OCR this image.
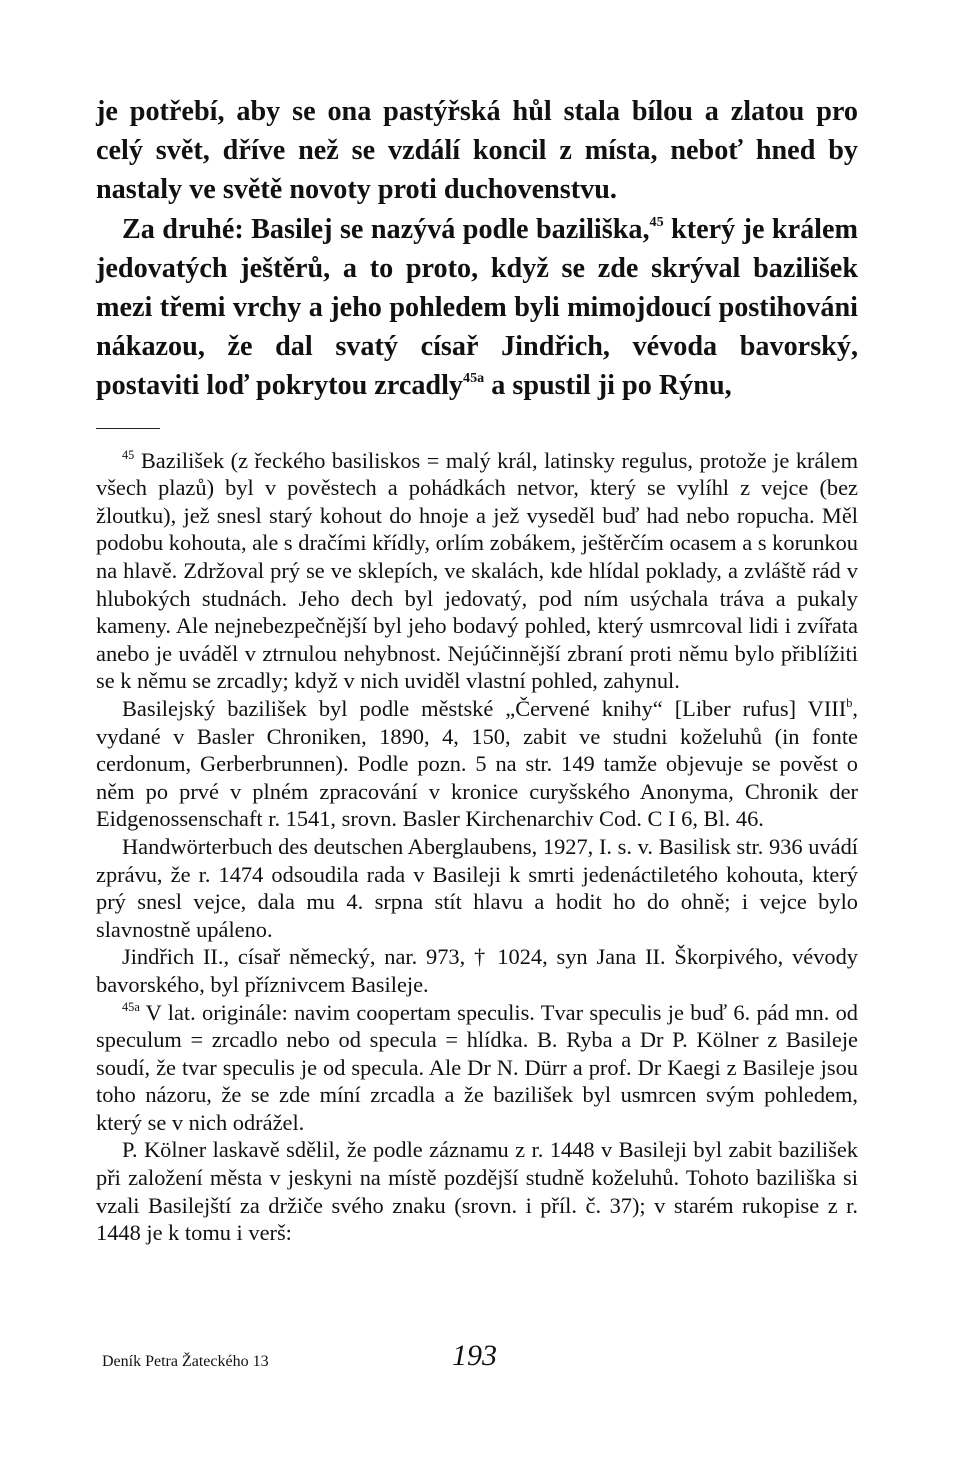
je potřebí, aby se ona pastýřská hůl stala bílou a zlatou pro celý svět, dříve než se vzdálí koncil z místa, neboť hned by nastaly ve světě novoty proti duchovenstvu.

Za druhé: Basilej se nazývá podle baziliška,$^{45}$ který je králem jedovatých ještěrů, a to proto, když se zde skrýval bazilišek mezi třemi vrchy a jeho pohledem byli mimojdoucí postihováni nákazou, že dal svatý císař Jindřich, vévoda bavorský, postaviti loď pokrytou zrcadly$^{45a}$ a spustil ji po Rýnu,

$^{45}$ Bazilišek (z řeckého basiliskos = malý král, latinsky regulus, protože je králem všech plazů) byl v pověstech a pohádkách netvor, který se vylíhl z vejce (bez žloutku), jež snesl starý kohout do hnoje a jež vyseděl buď had nebo ropucha. Měl podobu kohouta, ale s dračími křídly, orlím zobákem, ještěrčím ocasem a s korunkou na hlavě. Zdržoval prý se ve sklepích, ve skalách, kde hlídal poklady, a zvláště rád v hlubokých studnách. Jeho dech byl jedovatý, pod ním usýchala tráva a pukaly kameny. Ale nejnebezpečnější byl jeho bodavý pohled, který usmrcoval lidi i zvířata anebo je uváděl v ztrnulou nehybnost. Nejúčinnější zbraní proti němu bylo přiblížiti se k němu se zrcadly; když v nich uviděl vlastní pohled, zahynul.

Basilejský bazilišek byl podle městské „Červené knihy“ [Liber rufus] VIII$^b$, vydané v Basler Chroniken, 1890, 4, 150, zabit ve studni koželuhů (in fonte cerdonum, Gerberbrunnen). Podle pozn. 5 na str. 149 tamže objevuje se pověst o něm po prvé v plném zpracování v kronice curyšského Anonyma, Chronik der Eidgenossenschaft r. 1541, srovn. Basler Kirchenarchiv Cod. C I 6, Bl. 46.

Handwörterbuch des deutschen Aberglaubens, 1927, I. s. v. Basilisk str. 936 uvádí zprávu, že r. 1474 odsoudila rada v Basileji k smrti jedenáctiletého kohouta, který prý snesl vejce, dala mu 4. srpna stít hlavu a hodit ho do ohně; i vejce bylo slavnostně upáleno.

Jindřich II., císař německý, nar. 973, † 1024, syn Jana II. Škorpivého, vévody bavorského, byl příznivcem Basileje.

$^{45a}$ V lat. originále: navim coopertam speculis. Tvar speculis je buď 6. pád mn. od speculum = zrcadlo nebo od specula = hlídka. B. Ryba a Dr P. Kölner z Basileje soudí, že tvar speculis je od specula. Ale Dr N. Dürr a prof. Dr Kaegi z Basileje jsou toho názoru, že se zde míní zrcadla a že bazilišek byl usmrcen svým pohledem, který se v nich odrážel.

P. Kölner laskavě sdělil, že podle záznamu z r. 1448 v Basileji byl zabit bazilišek při založení města v jeskyni na místě pozdější studně koželuhů. Tohoto baziliška si vzali Basilejští za držiče svého znaku (srovn. i příl. č. 37); v starém rukopise z r. 1448 je k tomu i verš:

Deník Petra Žateckého 13	193
